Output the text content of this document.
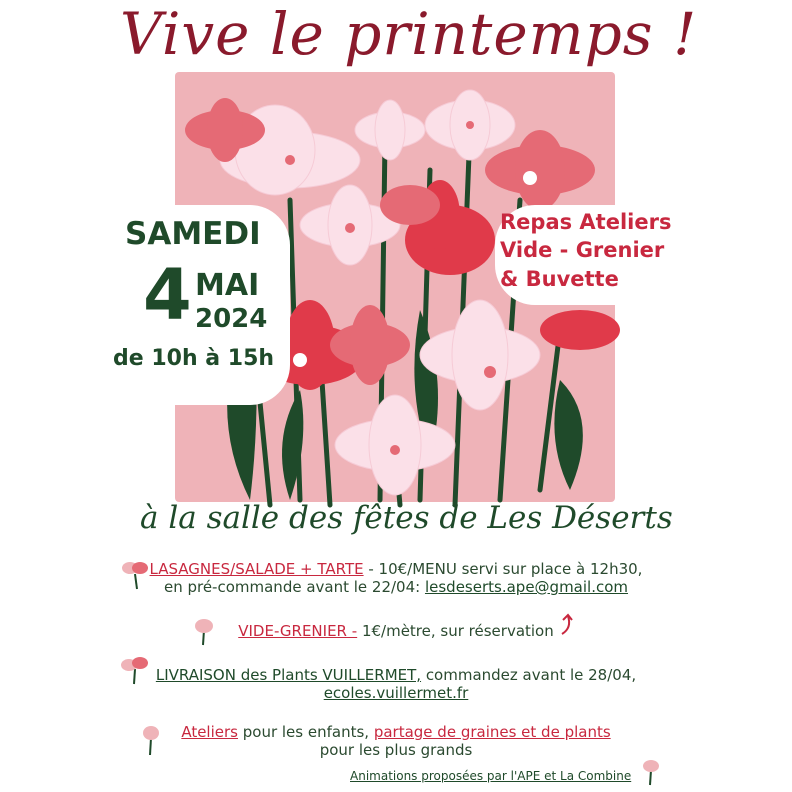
Vive le printemps !
SAMEDI
4 MAI
2024
de 10h à 15h
Repas Ateliers
Vide - Grenier
& Buvette
à la salle des fêtes de Les Déserts
LASAGNES/SALADE + TARTE - 10€/MENU servi sur place à 12h30,
en pré-commande avant le 22/04: lesdeserts.ape@gmail.com
VIDE-GRENIER - 1€/mètre, sur réservation
LIVRAISON des Plants VUILLERMET, commandez avant le 28/04,
ecoles.vuillermet.fr
Ateliers pour les enfants, partage de graines et de plants
pour les plus grands
Animations proposées par l'APE et La Combine
